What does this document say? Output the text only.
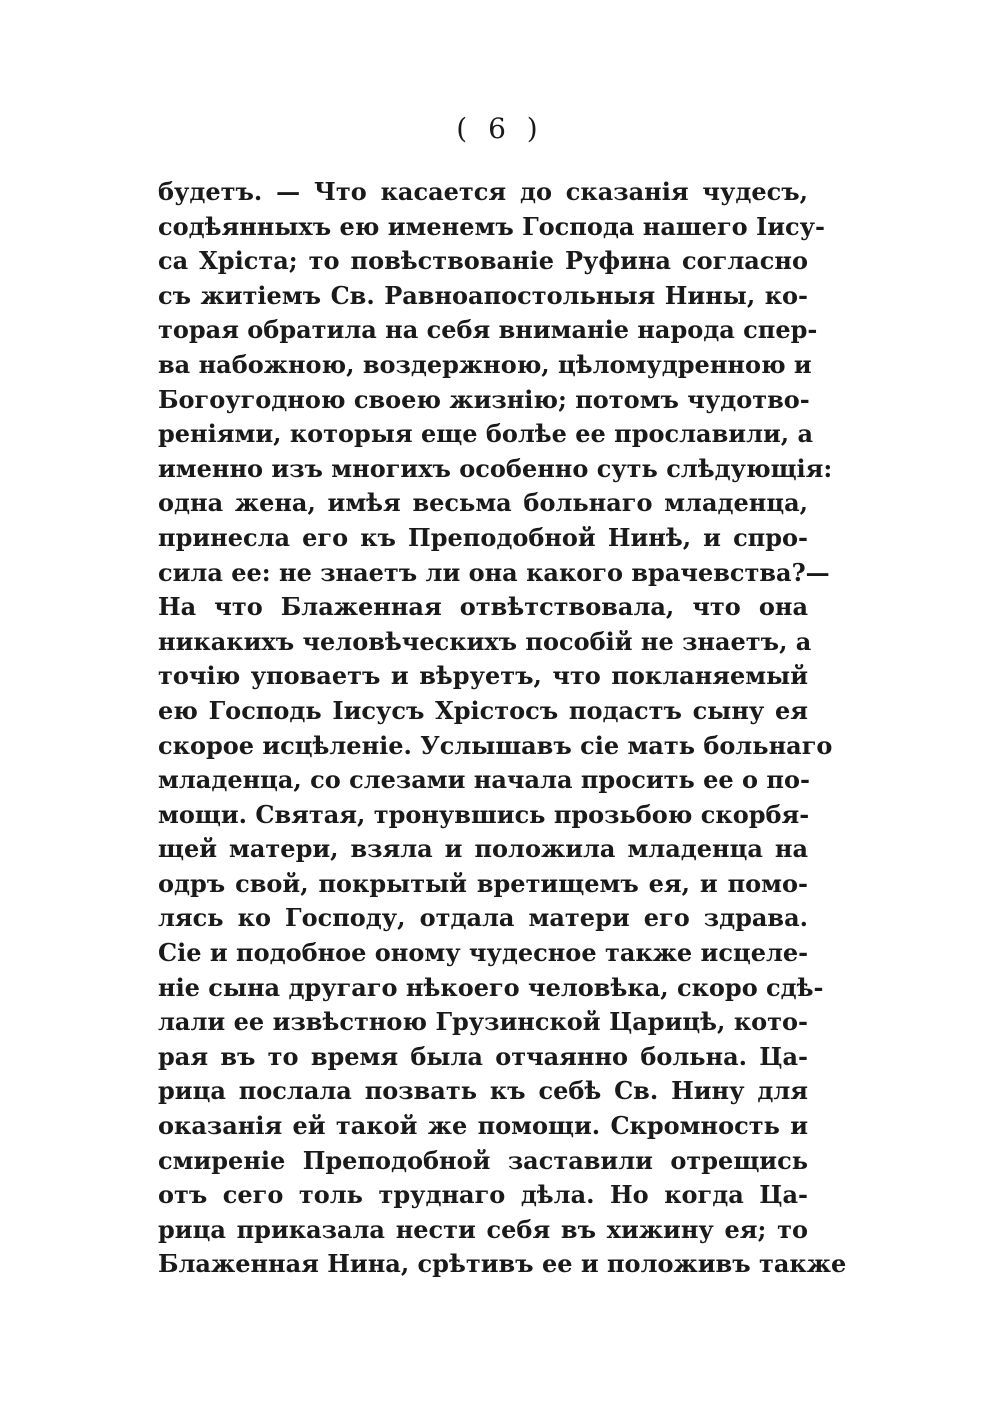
( 6 )
будетъ. — Что касается до сказанія чудесъ,
содѣянныхъ ею именемъ Господа нашего Іису-
са Хріста; то повѣствованіе Руфина согласно
съ житіемъ Св. Равноапостольныя Нины, ко-
торая обратила на себя вниманіе народа спер-
ва набожною, воздержною, цѣломудренною и
Богоугодною своею жизнію; потомъ чудотво-
реніями, которыя еще болѣе ее прославили, а
именно изъ многихъ особенно суть слѣдующія:
одна жена, имѣя весьма больнаго младенца,
принесла его къ Преподобной Нинѣ, и спро-
сила ее: не знаетъ ли она какого врачевства?—
На что Блаженная отвѣтствовала, что она
никакихъ человѣческихъ пособій не знаетъ, а
точію уповаетъ и вѣруетъ, что покланяемый
ею Господь Іисусъ Хрістосъ подастъ сыну ея
скорое исцѣленіе. Услышавъ сіе мать больнаго
младенца, со слезами начала просить ее о по-
мощи. Святая, тронувшись прозьбою скорбя-
щей матери, взяла и положила младенца на
одръ свой, покрытый вретищемъ ея, и помо-
лясь ко Господу, отдала матери его здрава.
Сіе и подобное оному чудесное также исцеле-
ніе сына другаго нѣкоего человѣка, скоро сдѣ-
лали ее извѣстною Грузинской Царицѣ, кото-
рая въ то время была отчаянно больна. Ца-
рица послала позвать къ себѣ Св. Нину для
оказанія ей такой же помощи. Скромность и
смиреніе Преподобной заставили отрещись
отъ сего толь труднаго дѣла. Но когда Ца-
рица приказала нести себя въ хижину ея; то
Блаженная Нина, срѣтивъ ее и положивъ также
